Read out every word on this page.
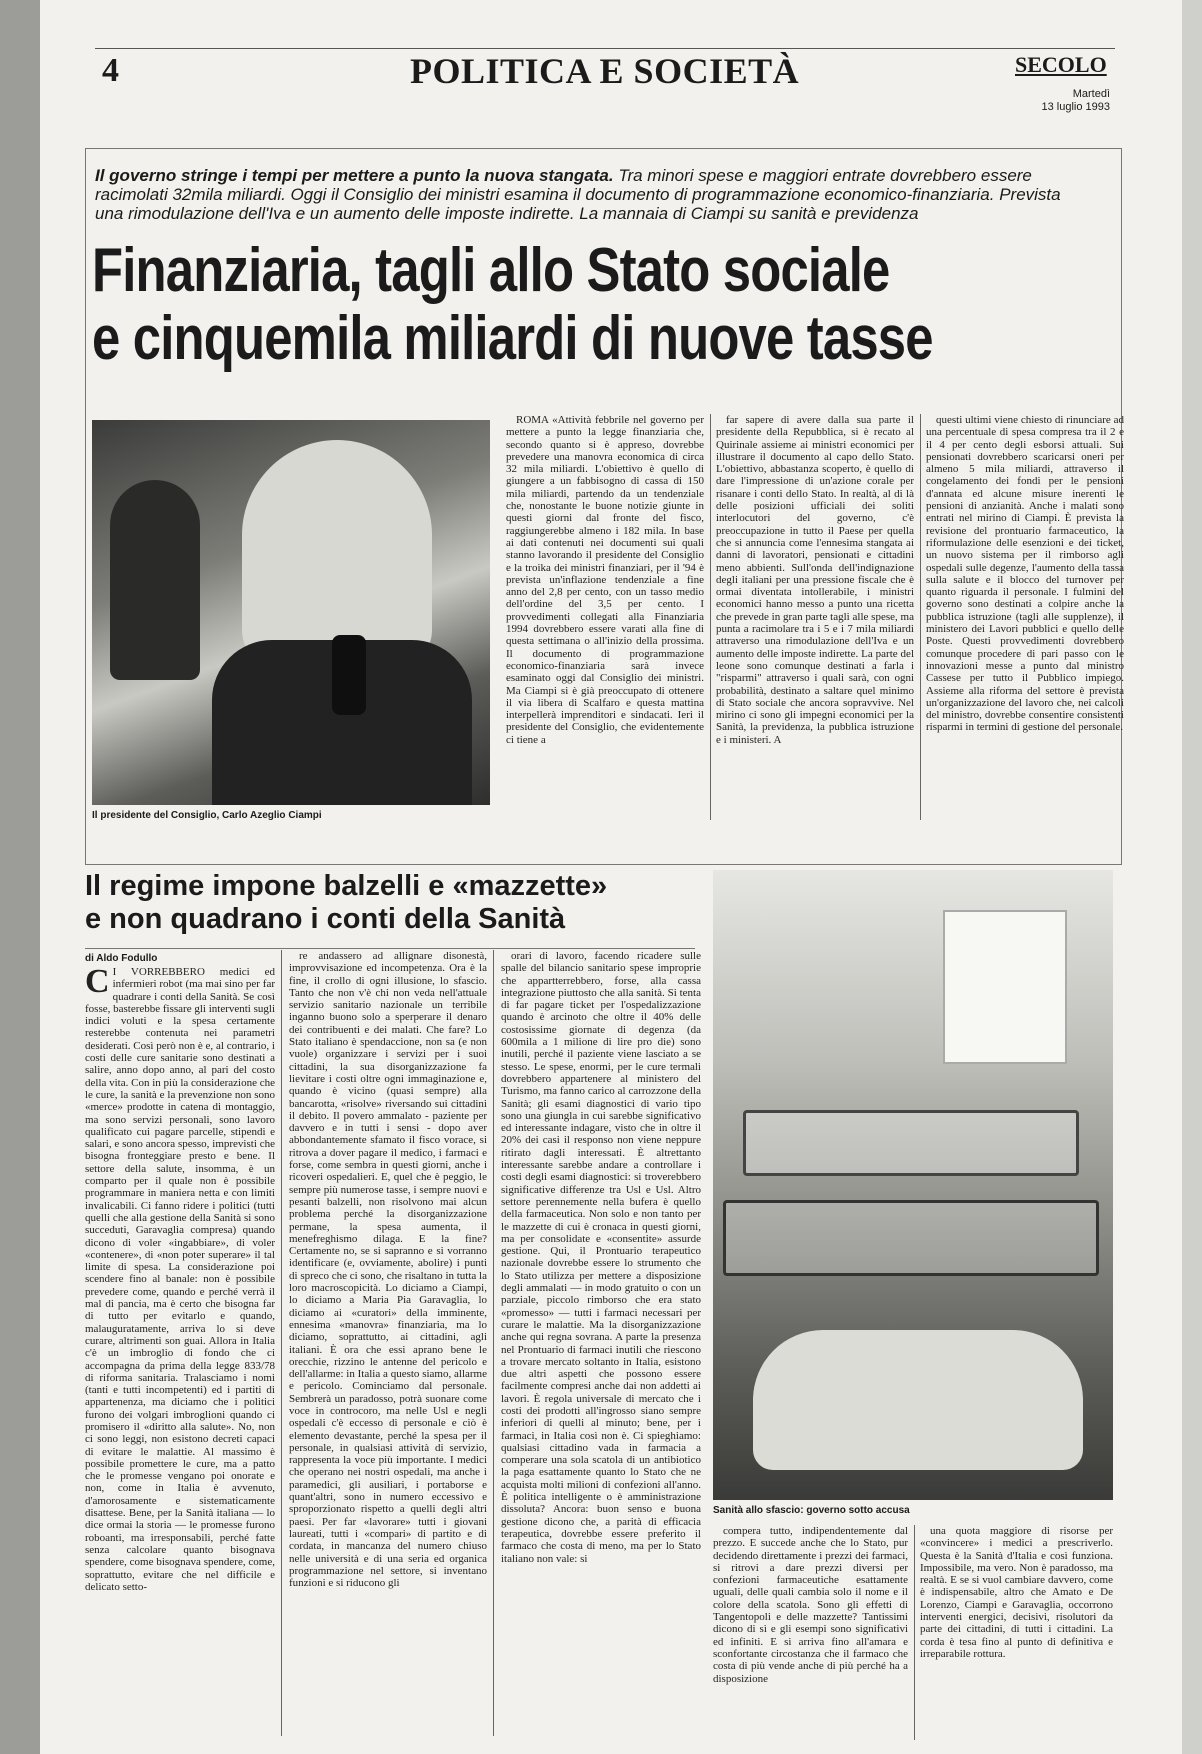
4	POLITICA E SOCIETÀ	SECOLO
Martedì
13 luglio 1993
Il governo stringe i tempi per mettere a punto la nuova stangata. Tra minori spese e maggiori entrate dovrebbero essere racimolati 32mila miliardi. Oggi il Consiglio dei ministri esamina il documento di programmazione economico-finanziaria. Prevista una rimodulazione dell'Iva e un aumento delle imposte indirette. La mannaia di Ciampi su sanità e previdenza
Finanziaria, tagli allo Stato sociale
e cinquemila miliardi di nuove tasse
Il presidente del Consiglio, Carlo Azeglio Ciampi

ROMA «Attività febbrile nel governo per mettere a punto la legge finanziaria che, secondo quanto si è appreso, dovrebbe prevedere una manovra economica di circa 32 mila miliardi. L'obiettivo è quello di giungere a un fabbisogno di cassa di 150 mila miliardi, partendo da un tendenziale che, nonostante le buone notizie giunte in questi giorni dal fronte del fisco, raggiungerebbe almeno i 182 mila. In base ai dati contenuti nei documenti sui quali stanno lavorando il presidente del Consiglio e la troika dei ministri finanziari, per il '94 è prevista un'inflazione tendenziale a fine anno del 2,8 per cento, con un tasso medio dell'ordine del 3,5 per cento. I provvedimenti collegati alla Finanziaria 1994 dovrebbero essere varati alla fine di questa settimana o all'inizio della prossima. Il documento di programmazione economico-finanziaria sarà invece esaminato oggi dal Consiglio dei ministri. Ma Ciampi si è già preoccupato di ottenere il via libera di Scalfaro e questa mattina interpellerà imprenditori e sindacati. Ieri il presidente del Consiglio, che evidentemente ci tiene a

far sapere di avere dalla sua parte il presidente della Repubblica, si è recato al Quirinale assieme ai ministri economici per illustrare il documento al capo dello Stato. L'obiettivo, abbastanza scoperto, è quello di dare l'impressione di un'azione corale per risanare i conti dello Stato. In realtà, al di là delle posizioni ufficiali dei soliti interlocutori del governo, c'è preoccupazione in tutto il Paese per quella che si annuncia come l'ennesima stangata ai danni di lavoratori, pensionati e cittadini meno abbienti. Sull'onda dell'indignazione degli italiani per una pressione fiscale che è ormai diventata intollerabile, i ministri economici hanno messo a punto una ricetta che prevede in gran parte tagli alle spese, ma punta a racimolare tra i 5 e i 7 mila miliardi attraverso una rimodulazione dell'Iva e un aumento delle imposte indirette. La parte del leone sono comunque destinati a farla i "risparmi" attraverso i quali sarà, con ogni probabilità, destinato a saltare quel minimo di Stato sociale che ancora sopravvive. Nel mirino ci sono gli impegni economici per la Sanità, la previdenza, la pubblica istruzione e i ministeri. A

questi ultimi viene chiesto di rinunciare ad una percentuale di spesa compresa tra il 2 e il 4 per cento degli esborsi attuali. Sui pensionati dovrebbero scaricarsi oneri per almeno 5 mila miliardi, attraverso il congelamento dei fondi per le pensioni d'annata ed alcune misure inerenti le pensioni di anzianità. Anche i malati sono entrati nel mirino di Ciampi. È prevista la revisione del prontuario farmaceutico, la riformulazione delle esenzioni e dei ticket, un nuovo sistema per il rimborso agli ospedali sulle degenze, l'aumento della tassa sulla salute e il blocco del turnover per quanto riguarda il personale. I fulmini del governo sono destinati a colpire anche la pubblica istruzione (tagli alle supplenze), il ministero dei Lavori pubblici e quello delle Poste. Questi provvedimenti dovrebbero comunque procedere di pari passo con le innovazioni messe a punto dal ministro Cassese per tutto il Pubblico impiego. Assieme alla riforma del settore è prevista un'organizzazione del lavoro che, nei calcoli del ministro, dovrebbe consentire consistenti risparmi in termini di gestione del personale.

Il regime impone balzelli e «mazzette»
e non quadrano i conti della Sanità
di Aldo Fodullo
C I VORREBBERO medici ed infermieri robot (ma mai sino per far quadrare i conti della Sanità. Se così fosse, basterebbe fissare gli interventi sugli indici voluti e la spesa certamente resterebbe contenuta nei parametri desiderati. Così però non è e, al contrario, i costi delle cure sanitarie sono destinati a salire, anno dopo anno, al pari del costo della vita. Con in più la considerazione che le cure, la sanità e la prevenzione non sono «merce» prodotte in catena di montaggio, ma sono servizi personali, sono lavoro qualificato cui pagare parcelle, stipendi e salari, e sono ancora spesso, imprevisti che bisogna fronteggiare presto e bene. Il settore della salute, insomma, è un comparto per il quale non è possibile programmare in maniera netta e con limiti invalicabili. Ci fanno ridere i politici (tutti quelli che alla gestione della Sanità si sono succeduti, Garavaglia compresa) quando dicono di voler «ingabbiare», di voler «contenere», di «non poter superare» il tal limite di spesa. La considerazione poi scendere fino al banale: non è possibile prevedere come, quando e perché verrà il mal di pancia, ma è certo che bisogna far di tutto per evitarlo e quando, malauguratamente, arriva lo si deve curare, altrimenti son guai. Allora in Italia c'è un imbroglio di fondo che ci accompagna da prima della legge 833/78 di riforma sanitaria. Tralasciamo i nomi (tanti e tutti incompetenti) ed i partiti di appartenenza, ma diciamo che i politici furono dei volgari imbroglioni quando ci promisero il «diritto alla salute». No, non ci sono leggi, non esistono decreti capaci di evitare le malattie. Al massimo è possibile promettere le cure, ma a patto che le promesse vengano poi onorate e non, come in Italia è avvenuto, d'amorosamente e sistematicamente disattese. Bene, per la Sanità italiana — lo dice ormai la storia — le promesse furono roboanti, ma irresponsabili, perché fatte senza calcolare quanto bisognava spendere, come bisognava spendere, come, soprattutto, evitare che nel difficile e delicato setto-

re andassero ad allignare disonestà, improvvisazione ed incompetenza. Ora è la fine, il crollo di ogni illusione, lo sfascio. Tanto che non v'è chi non veda nell'attuale servizio sanitario nazionale un terribile inganno buono solo a sperperare il denaro dei contribuenti e dei malati. Che fare? Lo Stato italiano è spendaccione, non sa (e non vuole) organizzare i servizi per i suoi cittadini, la sua disorganizzazione fa lievitare i costi oltre ogni immaginazione e, quando è vicino (quasi sempre) alla bancarotta, «risolve» riversando sui cittadini il debito. Il povero ammalato - paziente per davvero e in tutti i sensi - dopo aver abbondantemente sfamato il fisco vorace, si ritrova a dover pagare il medico, i farmaci e forse, come sembra in questi giorni, anche i ricoveri ospedalieri. E, quel che è peggio, le sempre più numerose tasse, i sempre nuovi e pesanti balzelli, non risolvono mai alcun problema perché la disorganizzazione permane, la spesa aumenta, il menefreghismo dilaga. E la fine? Certamente no, se si sapranno e si vorranno identificare (e, ovviamente, abolire) i punti di spreco che ci sono, che risaltano in tutta la loro macroscopicità. Lo diciamo a Ciampi, lo diciamo a Maria Pia Garavaglia, lo diciamo ai «curatori» della imminente, ennesima «manovra» finanziaria, ma lo diciamo, soprattutto, ai cittadini, agli italiani. È ora che essi aprano bene le orecchie, rizzino le antenne del pericolo e dell'allarme: in Italia a questo siamo, allarme e pericolo. Cominciamo dal personale. Sembrerà un paradosso, potrà suonare come voce in controcoro, ma nelle Usl e negli ospedali c'è eccesso di personale e ciò è elemento devastante, perché la spesa per il personale, in qualsiasi attività di servizio, rappresenta la voce più importante. I medici che operano nei nostri ospedali, ma anche i paramedici, gli ausiliari, i portaborse e quant'altri, sono in numero eccessivo e sproporzionato rispetto a quelli degli altri paesi. Per far «lavorare» tutti i giovani laureati, tutti i «compari» di partito e di cordata, in mancanza del numero chiuso nelle università e di una seria ed organica programmazione nel settore, si inventano funzioni e si riducono gli

orari di lavoro, facendo ricadere sulle spalle del bilancio sanitario spese improprie che appartterrebbero, forse, alla cassa integrazione piuttosto che alla sanità. Si tenta di far pagare ticket per l'ospedalizzazione quando è arcinoto che oltre il 40% delle costosissime giornate di degenza (da 600mila a 1 milione di lire pro die) sono inutili, perché il paziente viene lasciato a se stesso. Le spese, enormi, per le cure termali dovrebbero appartenere al ministero del Turismo, ma fanno carico al carrozzone della Sanità; gli esami diagnostici di vario tipo sono una giungla in cui sarebbe significativo ed interessante indagare, visto che in oltre il 20% dei casi il responso non viene neppure ritirato dagli interessati. È altrettanto interessante sarebbe andare a controllare i costi degli esami diagnostici: si troverebbero significative differenze tra Usl e Usl. Altro settore perennemente nella bufera è quello della farmaceutica. Non solo e non tanto per le mazzette di cui è cronaca in questi giorni, ma per consolidate e «consentite» assurde gestione. Qui, il Prontuario terapeutico nazionale dovrebbe essere lo strumento che lo Stato utilizza per mettere a disposizione degli ammalati — in modo gratuito o con un parziale, piccolo rimborso che era stato «promesso» — tutti i farmaci necessari per curare le malattie. Ma la disorganizzazione anche qui regna sovrana. A parte la presenza nel Prontuario di farmaci inutili che riescono a trovare mercato soltanto in Italia, esistono due altri aspetti che possono essere facilmente compresi anche dai non addetti ai lavori. È regola universale di mercato che i costi dei prodotti all'ingrosso siano sempre inferiori di quelli al minuto; bene, per i farmaci, in Italia così non è. Ci spieghiamo: qualsiasi cittadino vada in farmacia a comperare una sola scatola di un antibiotico la paga esattamente quanto lo Stato che ne acquista molti milioni di confezioni all'anno. È politica intelligente o è amministrazione dissoluta? Ancora: buon senso e buona gestione dicono che, a parità di efficacia terapeutica, dovrebbe essere preferito il farmaco che costa di meno, ma per lo Stato italiano non vale: si

Sanità allo sfascio: governo sotto accusa

compera tutto, indipendentemente dal prezzo. E succede anche che lo Stato, pur decidendo direttamente i prezzi dei farmaci, si ritrovi a dare prezzi diversi per confezioni farmaceutiche esattamente uguali, delle quali cambia solo il nome e il colore della scatola. Sono gli effetti di Tangentopoli e delle mazzette? Tantissimi dicono di sì e gli esempi sono significativi ed infiniti. E si arriva fino all'amara e sconfortante circostanza che il farmaco che costa di più vende anche di più perché ha a disposizione

una quota maggiore di risorse per «convincere» i medici a prescriverlo. Questa è la Sanità d'Italia e così funziona. Impossibile, ma vero. Non è paradosso, ma realtà. E se si vuol cambiare davvero, come è indispensabile, altro che Amato e De Lorenzo, Ciampi e Garavaglia, occorrono interventi energici, decisivi, risolutori da parte dei cittadini, di tutti i cittadini. La corda è tesa fino al punto di definitiva e irreparabile rottura.
